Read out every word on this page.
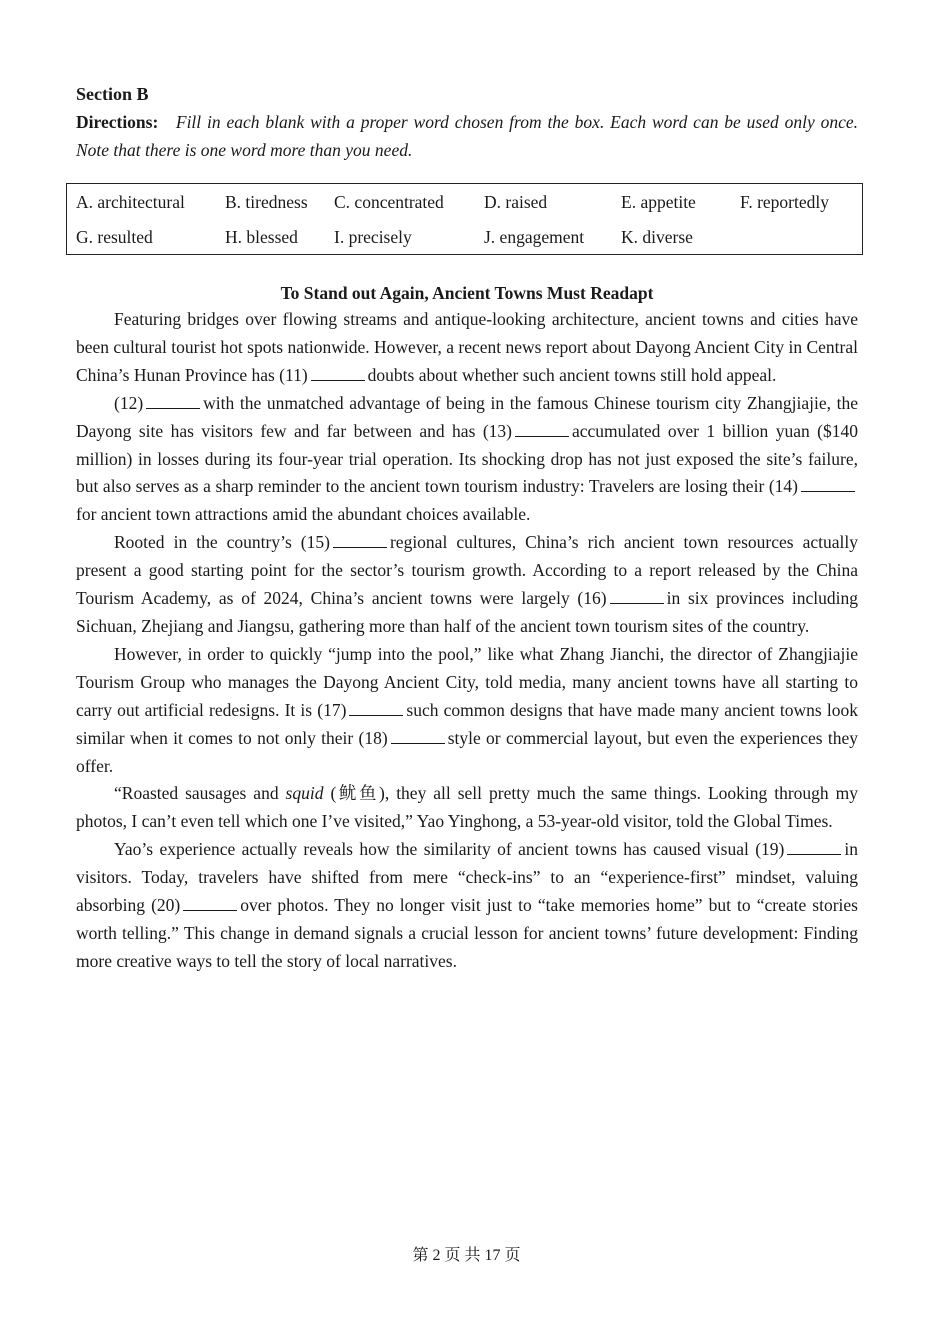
Section B

Directions: Fill in each blank with a proper word chosen from the box. Each word can be used only once. Note that there is one word more than you need.

A. architectural B. tiredness C. concentrated D. raised	E. appetite	F. reportedly
G. resulted	H. blessed I. precisely	J. engagement K. diverse

To Stand out Again, Ancient Towns Must Readapt

Featuring bridges over flowing streams and antique-looking architecture, ancient towns and cities have been cultural tourist hot spots nationwide. However, a recent news report about Dayong Ancient City in Central China’s Hunan Province has (11)	doubts about whether such ancient towns still hold appeal.

(12)	with the unmatched advantage of being in the famous Chinese tourism city Zhangjiajie, the Dayong site has visitors few and far between and has (13)	accumulated over 1 billion yuan ($140 million) in losses during its four-year trial operation. Its shocking drop has not just exposed the site’s failure, but also serves as a sharp reminder to the ancient town tourism industry: Travelers are losing their (14)for ancient town attractions amid the abundant choices available.

Rooted in the country’s (15)	regional cultures, China’s rich ancient town resources actually present a good starting point for the sector’s tourism growth. According to a report released by the China Tourism Academy, as of 2024, China’s ancient towns were largely (16)	in six provinces including Sichuan, Zhejiang and Jiangsu, gathering more than half of the ancient town tourism sites of the country.

However, in order to quickly “jump into the pool,” like what Zhang Jianchi, the director of Zhangjiajie Tourism Group who manages the Dayong Ancient City, told media, many ancient towns have all starting to carry out artificial redesigns. It is (17)	such common designs that have made many ancient towns look similar when it comes to not only their (18)	style or commercial layout, but even the experiences they offer.

“Roasted sausages and squid (鱿鱼), they all sell pretty much the same things. Looking through my photos, I can’t even tell which one I’ve visited,” Yao Yinghong, a 53-year-old visitor, told the Global Times.

Yao’s experience actually reveals how the similarity of ancient towns has caused visual (19)	in visitors. Today, travelers have shifted from mere “check-ins” to an “experience-first” mindset, valuing absorbing (20)	over photos. They no longer visit just to “take memories home” but to “create stories worth telling.” This change in demand signals a crucial lesson for ancient towns’ future development: Finding more creative ways to tell the story of local narratives.

第 2 页 共 17 页
